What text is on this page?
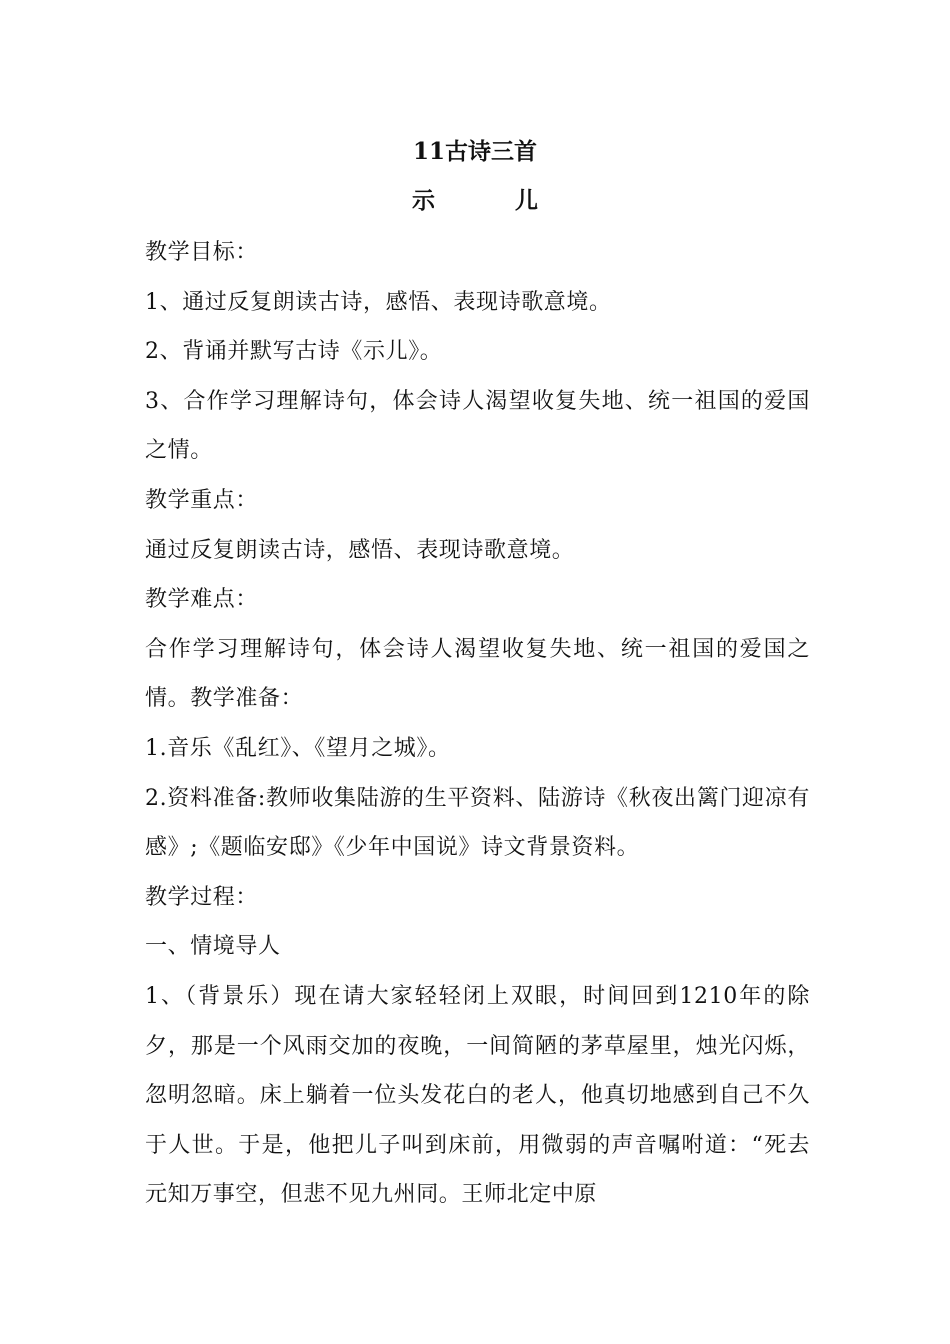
11古诗三首
示 儿

教学目标：

1、通过反复朗读古诗，感悟、表现诗歌意境。

2、背诵并默写古诗《示儿》。

3、合作学习理解诗句，体会诗人渴望收复失地、统一祖国的爱国之情。

教学重点：

通过反复朗读古诗，感悟、表现诗歌意境。

教学难点：

合作学习理解诗句，体会诗人渴望收复失地、统一祖国的爱国之情。教学准备：

1.音乐《乱红》、《望月之城》。

2.资料准备:教师收集陆游的生平资料、陆游诗《秋夜出篱门迎凉有感》;《题临安邸》《少年中国说》诗文背景资料。

教学过程：

一、情境导人

1、（背景乐）现在请大家轻轻闭上双眼，时间回到1210年的除夕，那是一个风雨交加的夜晚，一间简陋的茅草屋里，烛光闪烁，忽明忽暗。床上躺着一位头发花白的老人，他真切地感到自己不久于人世。于是，他把儿子叫到床前，用微弱的声音嘱咐道：“死去元知万事空，但悲不见九州同。王师北定中原
